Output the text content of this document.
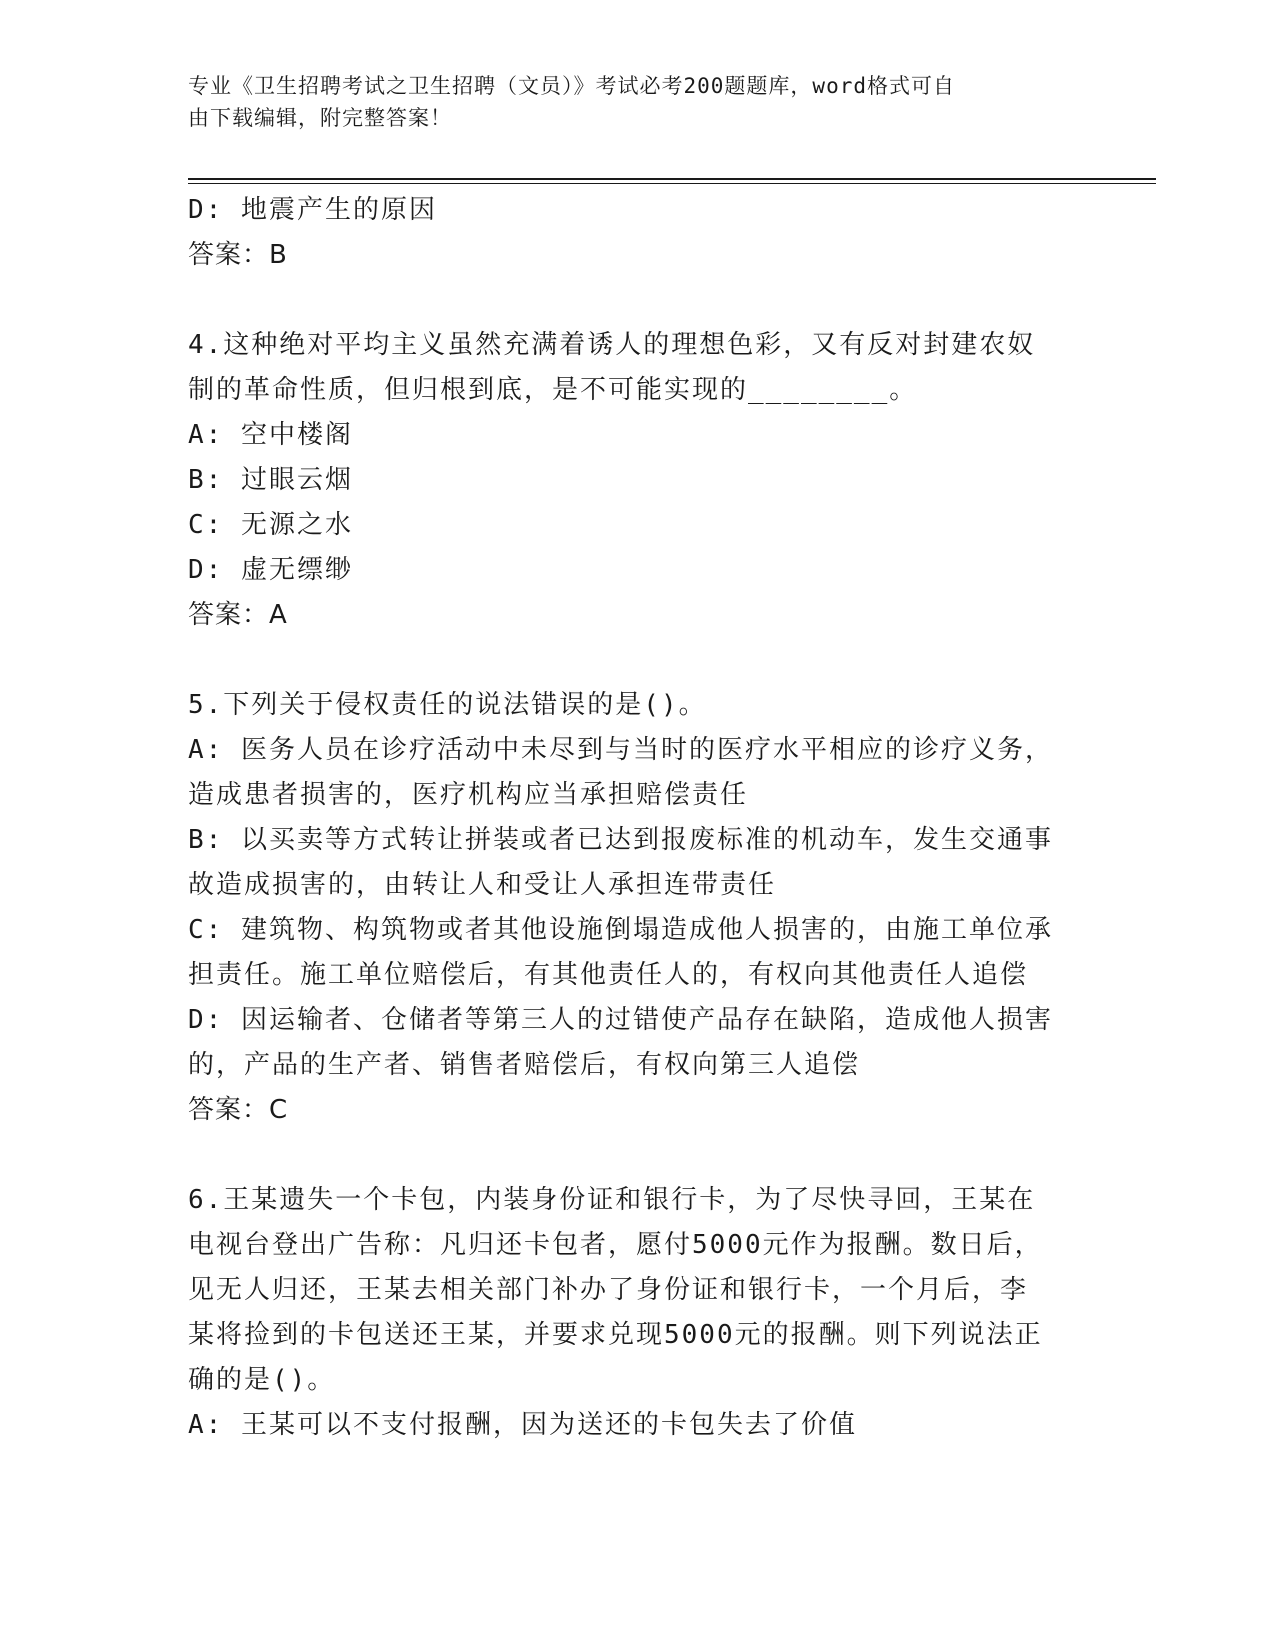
专业《卫生招聘考试之卫生招聘（文员）》考试必考200题题库，word格式可自
由下载编辑，附完整答案！

D: 地震产生的原因

答案：B

4.这种绝对平均主义虽然充满着诱人的理想色彩，又有反对封建农奴

制的革命性质，但归根到底，是不可能实现的________。

A: 空中楼阁

B: 过眼云烟

C: 无源之水

D: 虚无缥缈

答案：A

5.下列关于侵权责任的说法错误的是()。

A: 医务人员在诊疗活动中未尽到与当时的医疗水平相应的诊疗义务，

造成患者损害的，医疗机构应当承担赔偿责任

B: 以买卖等方式转让拼装或者已达到报废标准的机动车，发生交通事

故造成损害的，由转让人和受让人承担连带责任

C: 建筑物、构筑物或者其他设施倒塌造成他人损害的，由施工单位承

担责任。施工单位赔偿后，有其他责任人的，有权向其他责任人追偿

D: 因运输者、仓储者等第三人的过错使产品存在缺陷，造成他人损害

的，产品的生产者、销售者赔偿后，有权向第三人追偿

答案：C

6.王某遗失一个卡包，内装身份证和银行卡，为了尽快寻回，王某在

电视台登出广告称：凡归还卡包者，愿付5000元作为报酬。数日后，

见无人归还，王某去相关部门补办了身份证和银行卡，一个月后，李

某将捡到的卡包送还王某，并要求兑现5000元的报酬。则下列说法正

确的是()。

A: 王某可以不支付报酬，因为送还的卡包失去了价值
